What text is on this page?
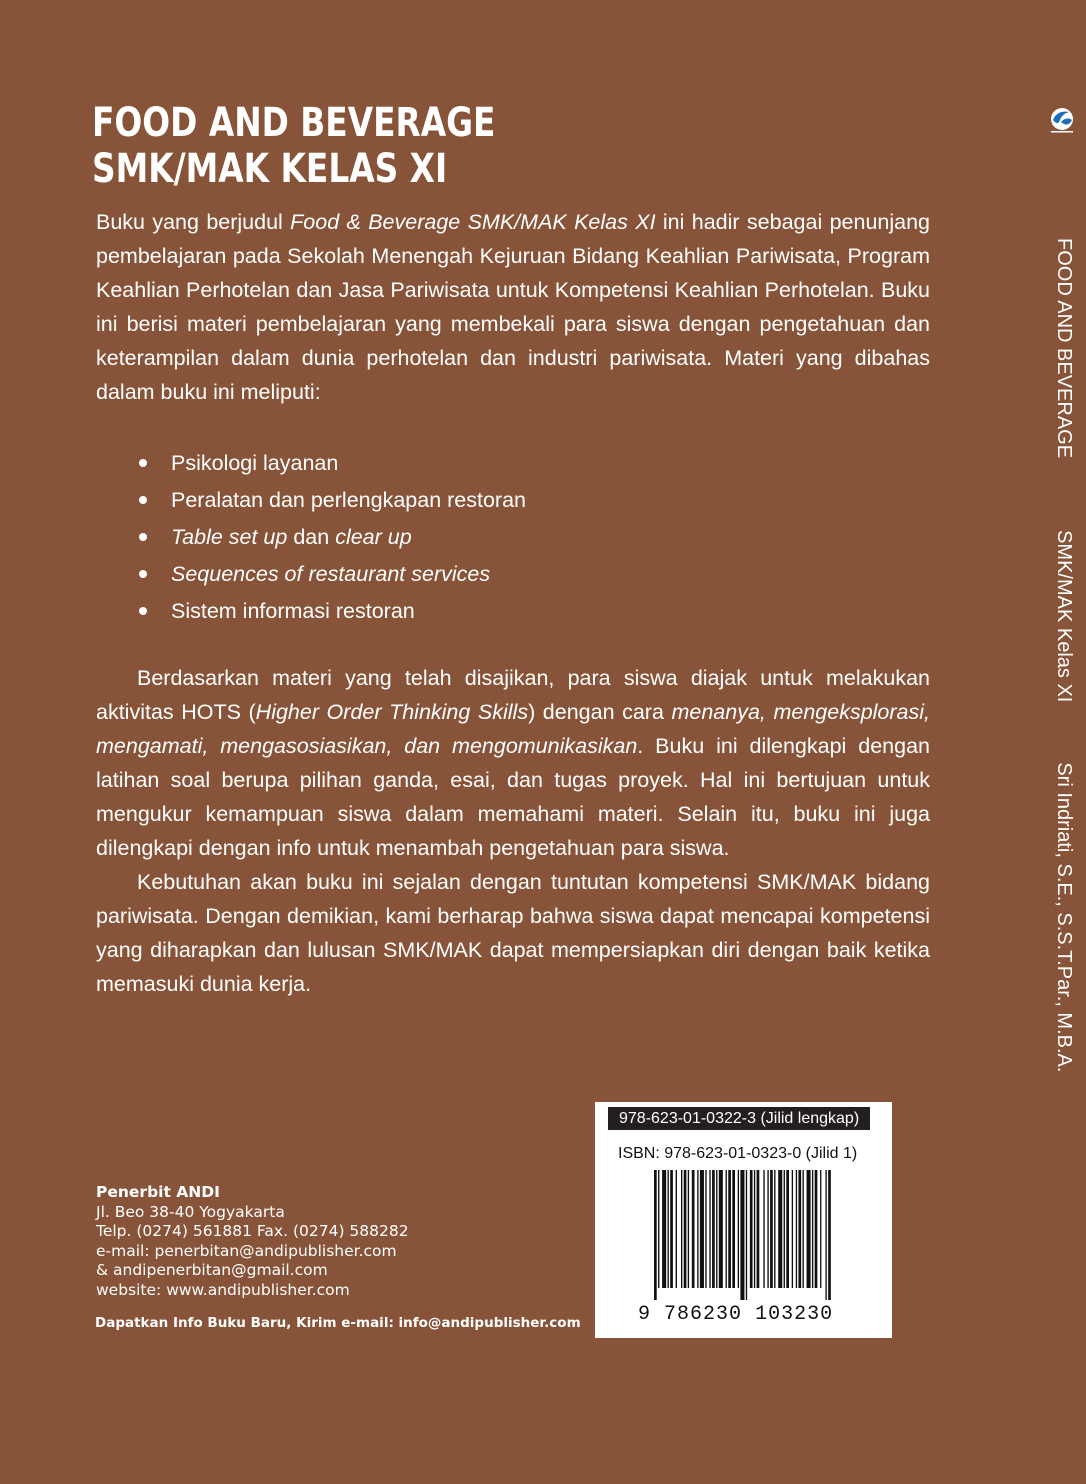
FOOD AND BEVERAGE
SMK/MAK KELAS XI

Buku yang berjudul Food & Beverage SMK/MAK Kelas XI ini hadir sebagai penunjang pembelajaran pada Sekolah Menengah Kejuruan Bidang Keahlian Pariwisata, Program Keahlian Perhotelan dan Jasa Pariwisata untuk Kompetensi Keahlian Perhotelan. Buku ini berisi materi pembelajaran yang membekali para siswa dengan pengetahuan dan keterampilan dalam dunia perhotelan dan industri pariwisata. Materi yang dibahas dalam buku ini meliputi:

Psikologi layanan
Peralatan dan perlengkapan restoran
Table set up dan clear up
Sequences of restaurant services
Sistem informasi restoran

Berdasarkan materi yang telah disajikan, para siswa diajak untuk melakukan aktivitas HOTS (Higher Order Thinking Skills) dengan cara menanya, mengeksplorasi, mengamati, mengasosiasikan, dan mengomunikasikan. Buku ini dilengkapi dengan latihan soal berupa pilihan ganda, esai, dan tugas proyek. Hal ini bertujuan untuk mengukur kemampuan siswa dalam memahami materi. Selain itu, buku ini juga dilengkapi dengan info untuk menambah pengetahuan para siswa.

Kebutuhan akan buku ini sejalan dengan tuntutan kompetensi SMK/MAK bidang pariwisata. Dengan demikian, kami berharap bahwa siswa dapat mencapai kompetensi yang diharapkan dan lulusan SMK/MAK dapat mempersiapkan diri dengan baik ketika memasuki dunia kerja.

FOOD AND BEVERAGESMK/MAK Kelas XISri Indriati, S.E., S.S.T.Par., M.B.A.
Penerbit ANDI
Jl. Beo 38-40 Yogyakarta
Telp. (0274) 561881 Fax. (0274) 588282
e-mail: penerbitan@andipublisher.com
& andipenerbitan@gmail.com
website: www.andipublisher.com
Dapatkan Info Buku Baru, Kirim e-mail: info@andipublisher.com
978-623-01-0322-3 (Jilid lengkap)
ISBN: 978-623-01-0323-0 (Jilid 1)
9 786230 103230
